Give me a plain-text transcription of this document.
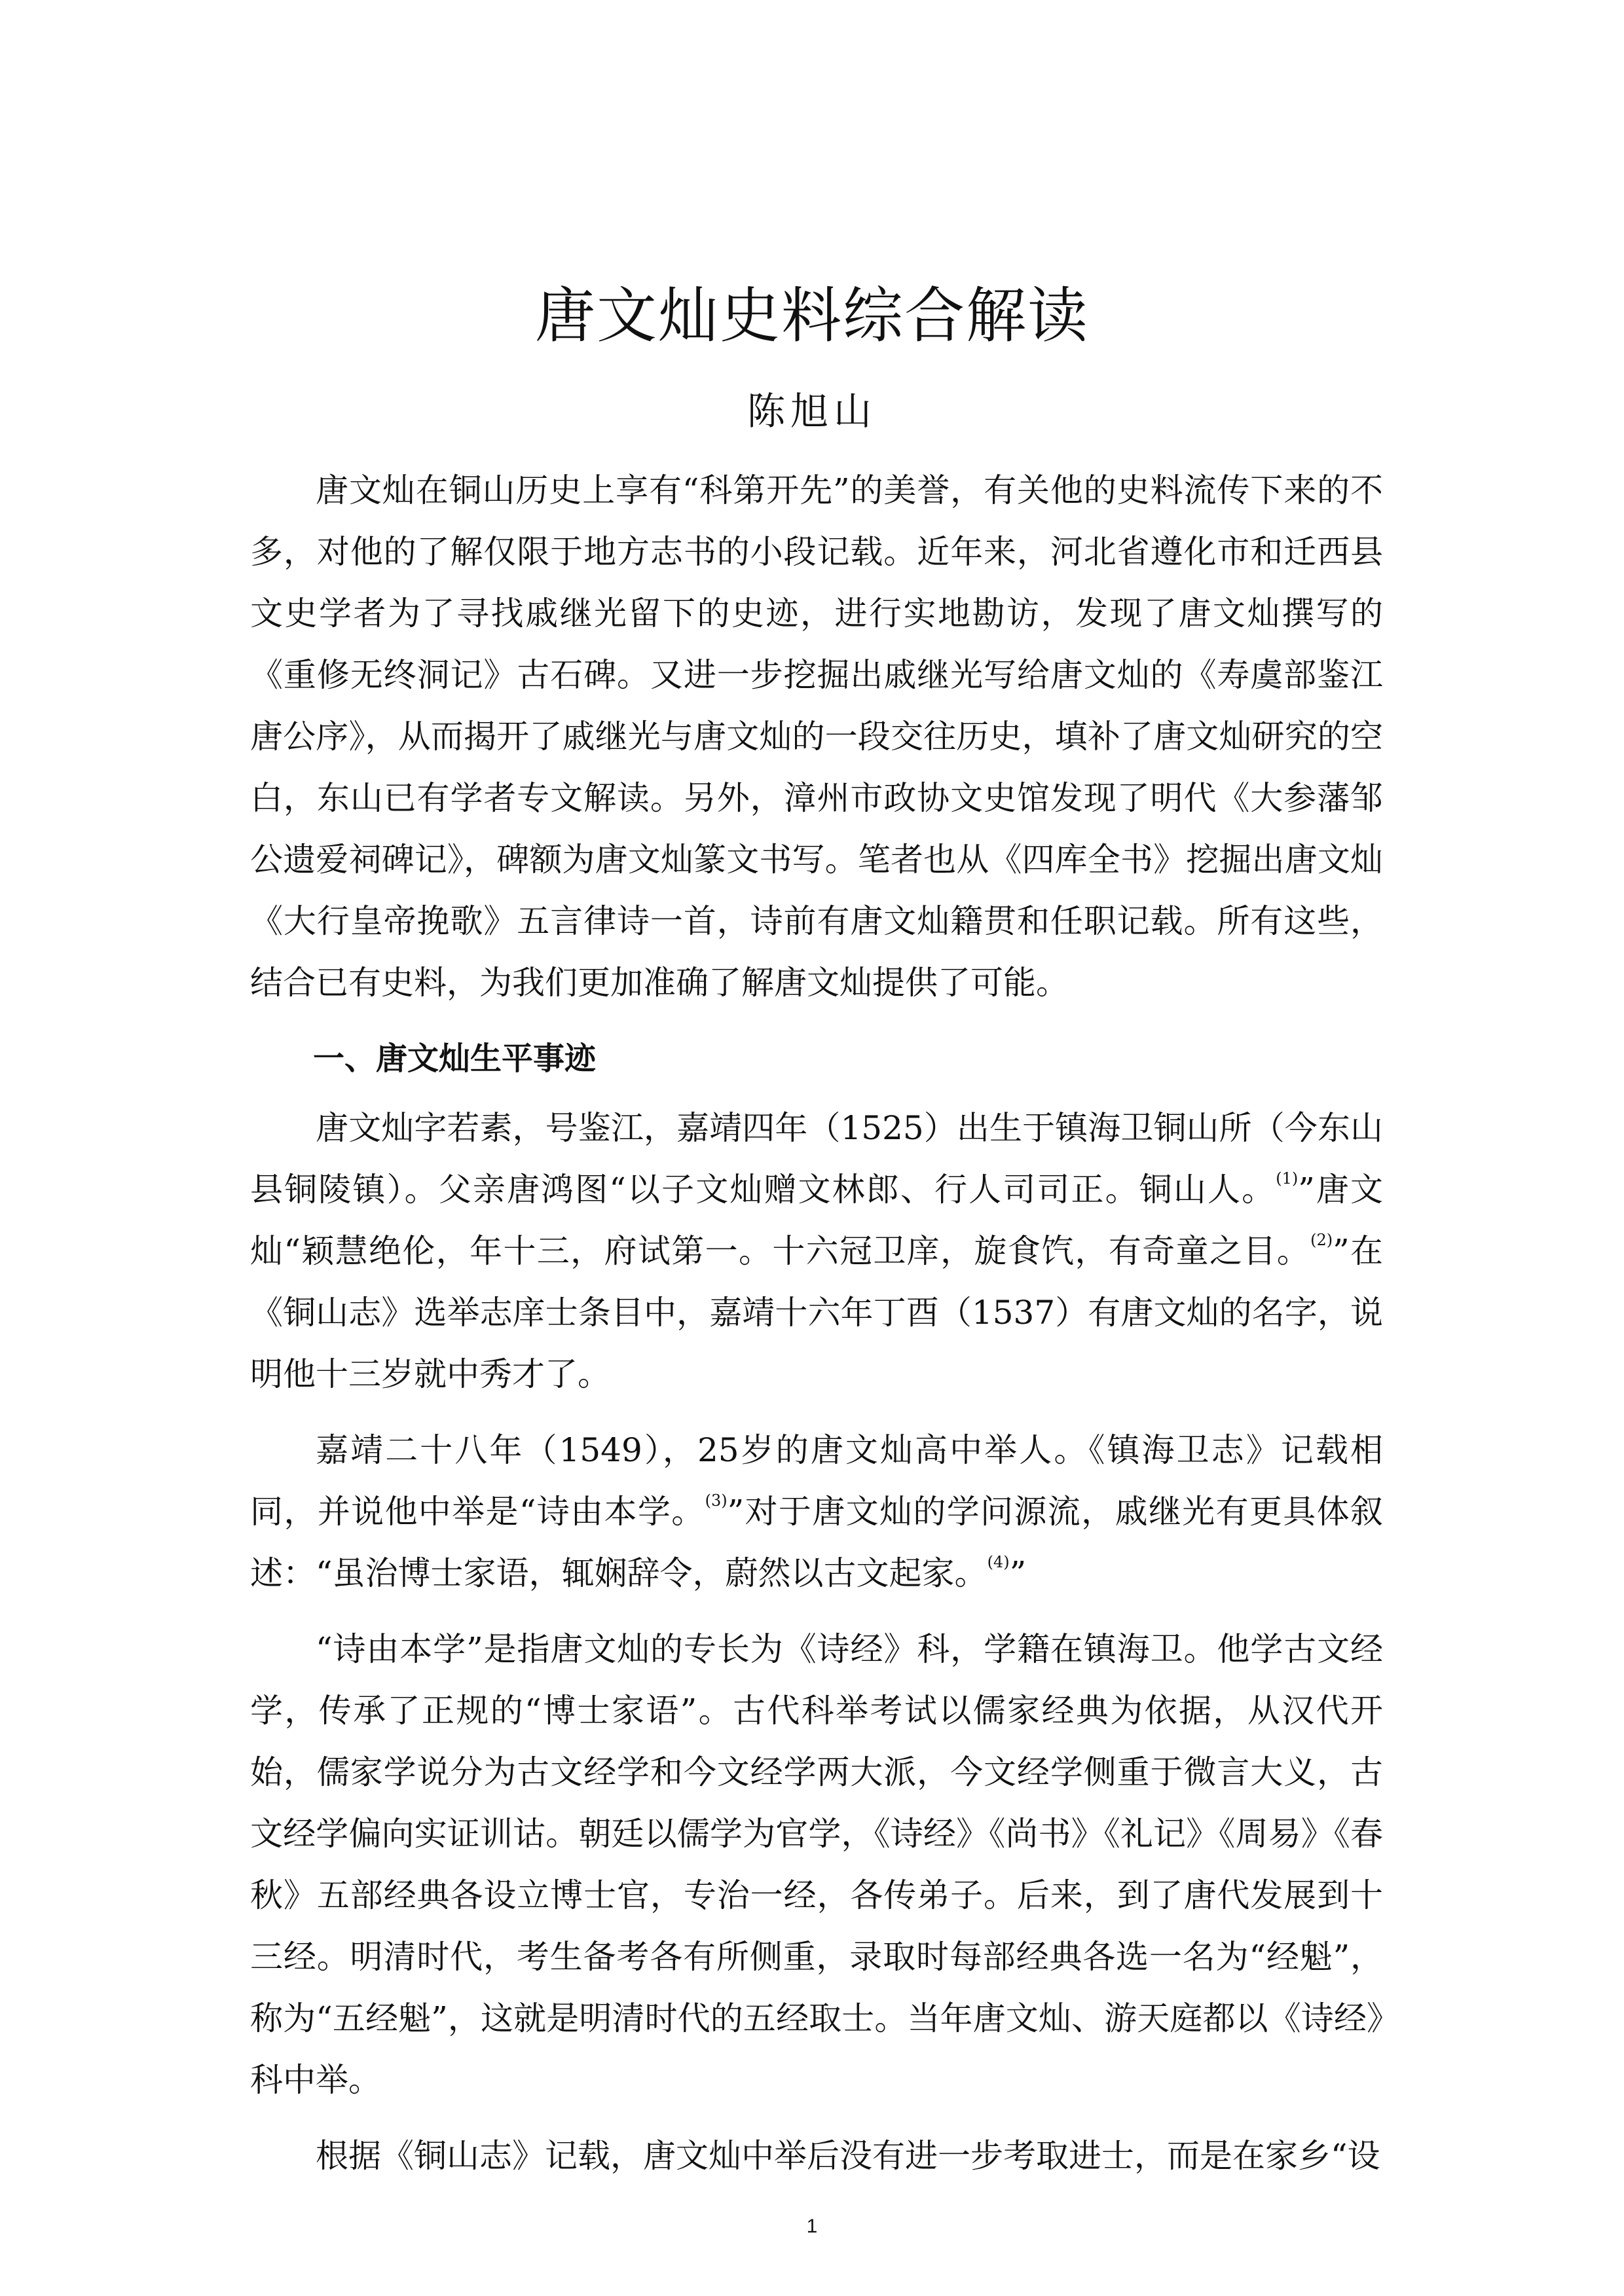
唐文灿史料综合解读
陈旭山

唐文灿在铜山历史上享有“科第开先”的美誉，有关他的史料流传下来的不多，对他的了解仅限于地方志书的小段记载。近年来，河北省遵化市和迁西县文史学者为了寻找戚继光留下的史迹，进行实地勘访，发现了唐文灿撰写的《重修无终洞记》古石碑。又进一步挖掘出戚继光写给唐文灿的《寿虞部鉴江唐公序》，从而揭开了戚继光与唐文灿的一段交往历史，填补了唐文灿研究的空白，东山已有学者专文解读。另外，漳州市政协文史馆发现了明代《大参藩邹公遗爱祠碑记》，碑额为唐文灿篆文书写。笔者也从《四库全书》挖掘出唐文灿《大行皇帝挽歌》五言律诗一首，诗前有唐文灿籍贯和任职记载。所有这些，结合已有史料，为我们更加准确了解唐文灿提供了可能。

一、唐文灿生平事迹

唐文灿字若素，号鉴江，嘉靖四年（1525）出生于镇海卫铜山所（今东山县铜陵镇）。父亲唐鸿图“以子文灿赠文林郎、行人司司正。铜山人。$^{(1)}$”唐文灿“颖慧绝伦，年十三，府试第一。十六冠卫庠，旋食饩，有奇童之目。$^{(2)}$”在《铜山志》选举志庠士条目中，嘉靖十六年丁酉（1537）有唐文灿的名字，说明他十三岁就中秀才了。

嘉靖二十八年（1549），25岁的唐文灿高中举人。《镇海卫志》记载相同，并说他中举是“诗由本学。$^{(3)}$”对于唐文灿的学问源流，戚继光有更具体叙述：“虽治博士家语，辄娴辞令，蔚然以古文起家。$^{(4)}$”

“诗由本学”是指唐文灿的专长为《诗经》科，学籍在镇海卫。他学古文经学，传承了正规的“博士家语”。古代科举考试以儒家经典为依据，从汉代开始，儒家学说分为古文经学和今文经学两大派，今文经学侧重于微言大义，古文经学偏向实证训诂。朝廷以儒学为官学，《诗经》《尚书》《礼记》《周易》《春秋》五部经典各设立博士官，专治一经，各传弟子。后来，到了唐代发展到十三经。明清时代，考生备考各有所侧重，录取时每部经典各选一名为“经魁”，称为“五经魁”，这就是明清时代的五经取士。当年唐文灿、游天庭都以《诗经》科中举。

根据《铜山志》记载，唐文灿中举后没有进一步考取进士，而是在家乡“设

1
